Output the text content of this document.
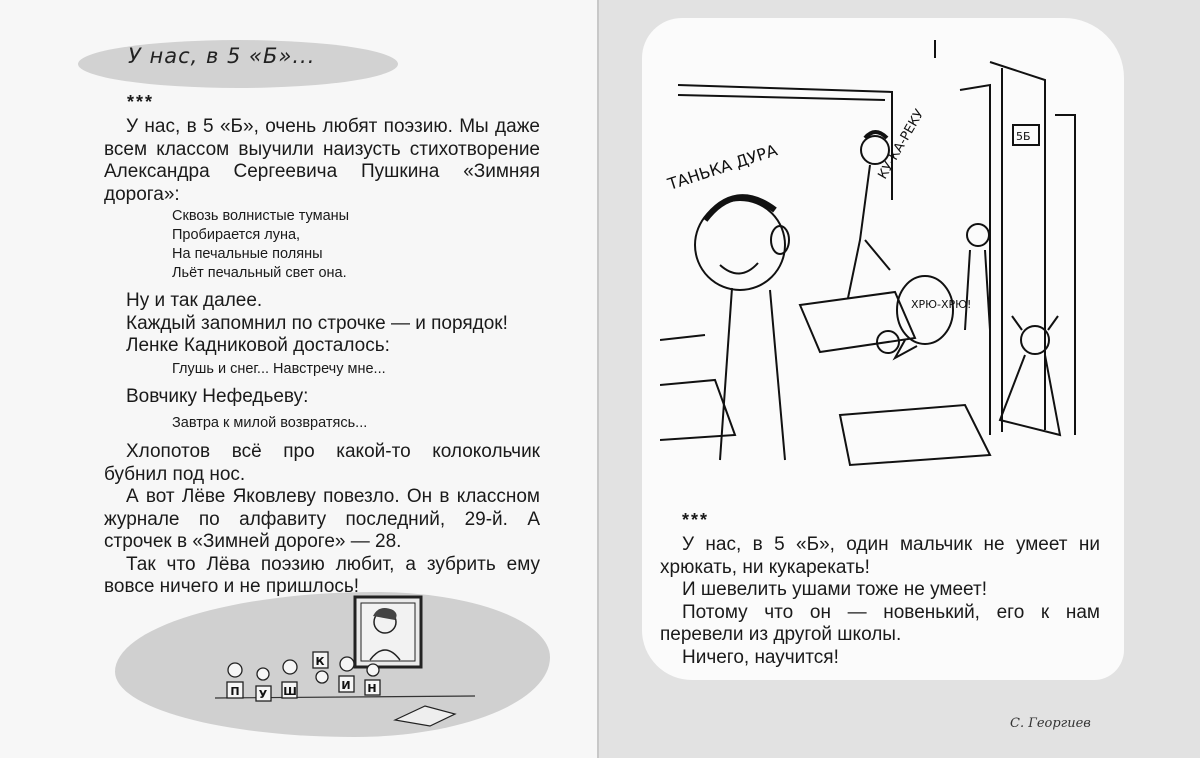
У нас, в 5 «Б»...
***

У нас, в 5 «Б», очень любят поэзию. Мы даже всем классом выучили наизусть стихотворение Александра Сергеевича Пушкина «Зимняя дорога»:

Сквозь волнистые туманы
Пробирается луна,
На печальные поляны
Льёт печальный свет она.

Ну и так далее.

Каждый запомнил по строчке — и порядок!

Ленке Кадниковой досталось:

Глушь и снег... Навстречу мне...

Вовчику Нефедьеву:

Завтра к милой возвратясь...

Хлопотов всё про какой-то колокольчик бубнил под нос.

А вот Лёве Яковлеву повезло. Он в классном журнале по алфавиту последний, 29-й. А строчек в «Зимней дороге» — 28.

Так что Лёва поэзию любит, а зубрить ему вовсе ничего и не пришлось!

П У Ш
К
И Н
ТАНЬКА ДУРА	КУ-КА-РЕКУ
ХРЮ-ХРЮ!
5Б
***

У нас, в 5 «Б», один мальчик не умеет ни хрюкать, ни кукарекать!

И шевелить ушами тоже не умеет!

Потому что он — новенький, его к нам перевели из другой школы.

Ничего, научится!

С. Георгиев
